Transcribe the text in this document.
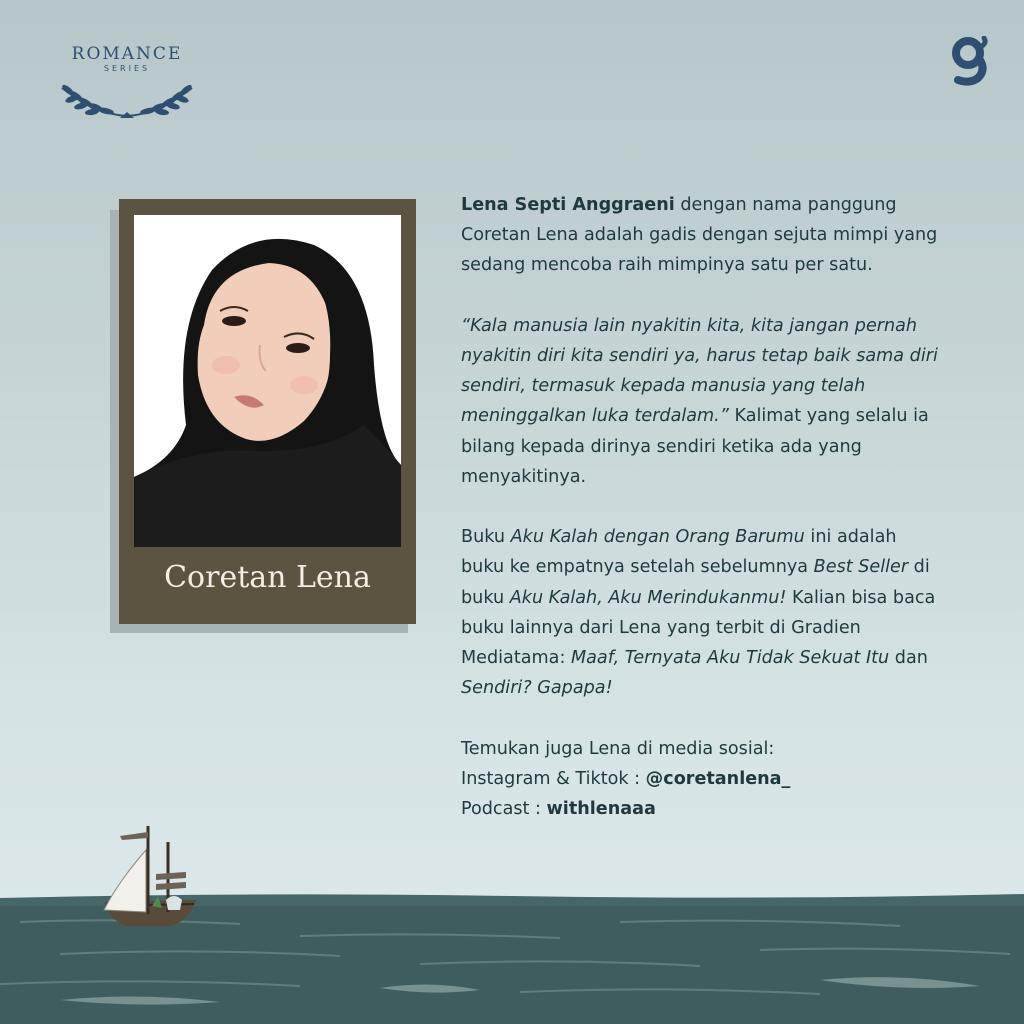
ROMANCE
SERIES
Coretan Lena

Lena Septi Anggraeni dengan nama panggung Coretan Lena adalah gadis dengan sejuta mimpi yang sedang mencoba raih mimpinya satu per satu.

“Kala manusia lain nyakitin kita, kita jangan pernah nyakitin diri kita sendiri ya, harus tetap baik sama diri sendiri, termasuk kepada manusia yang telah meninggalkan luka terdalam.” Kalimat yang selalu ia bilang kepada dirinya sendiri ketika ada yang menyakitinya.

Buku Aku Kalah dengan Orang Barumu ini adalah buku ke empatnya setelah sebelumnya Best Seller di buku Aku Kalah, Aku Merindukanmu! Kalian bisa baca buku lainnya dari Lena yang terbit di Gradien Mediatama: Maaf, Ternyata Aku Tidak Sekuat Itu dan Sendiri? Gapapa!

Temukan juga Lena di media sosial:
Instagram & Tiktok : @coretanlena_
Podcast : withlenaaa
